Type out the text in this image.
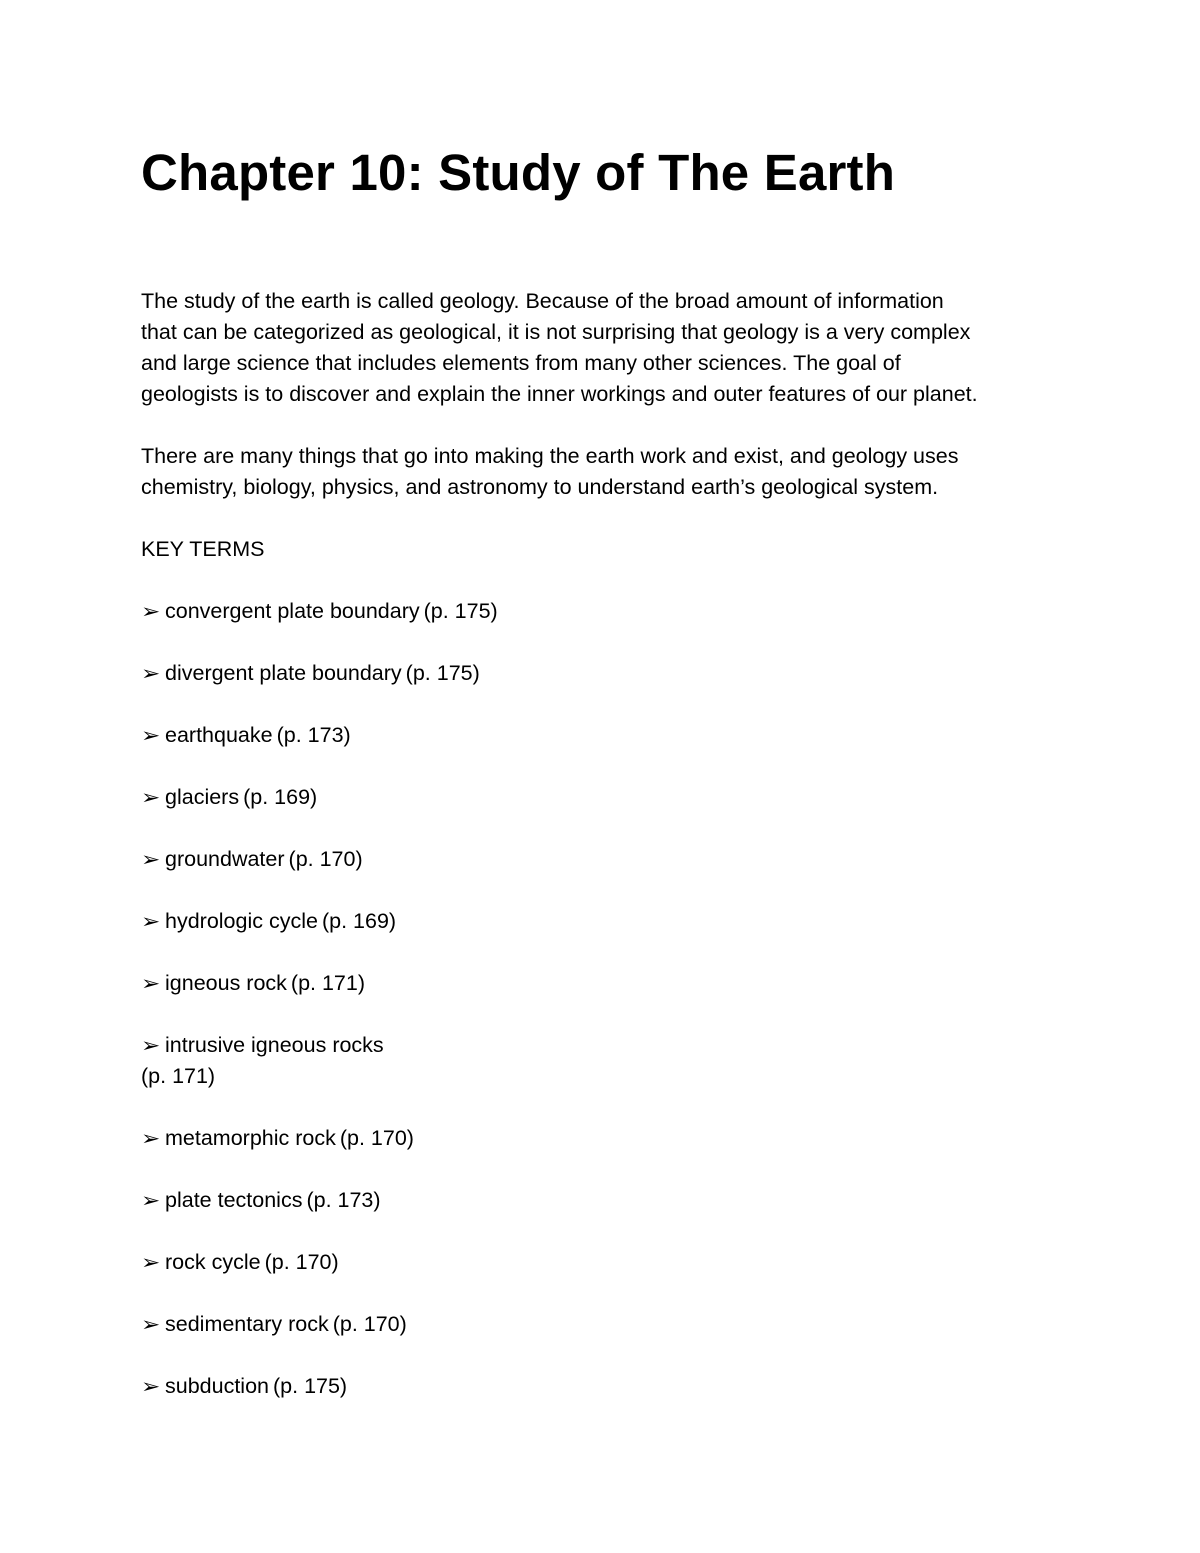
Chapter 10: Study of The Earth
The study of the earth is called geology. Because of the broad amount of information
that can be categorized as geological, it is not surprising that geology is a very complex
and large science that includes elements from many other sciences. The goal of
geologists is to discover and explain the inner workings and outer features of our planet.
There are many things that go into making the earth work and exist, and geology uses
chemistry, biology, physics, and astronomy to understand earth’s geological system.

KEY TERMS

➢ convergent plate boundary (p. 175)
➢ divergent plate boundary (p. 175)
➢ earthquake (p. 173)
➢ glaciers (p. 169)
➢ groundwater (p. 170)
➢ hydrologic cycle (p. 169)
➢ igneous rock (p. 171)
➢ intrusive igneous rocks
(p. 171)
➢ metamorphic rock (p. 170)
➢ plate tectonics (p. 173)
➢ rock cycle (p. 170)
➢ sedimentary rock (p. 170)
➢ subduction (p. 175)
